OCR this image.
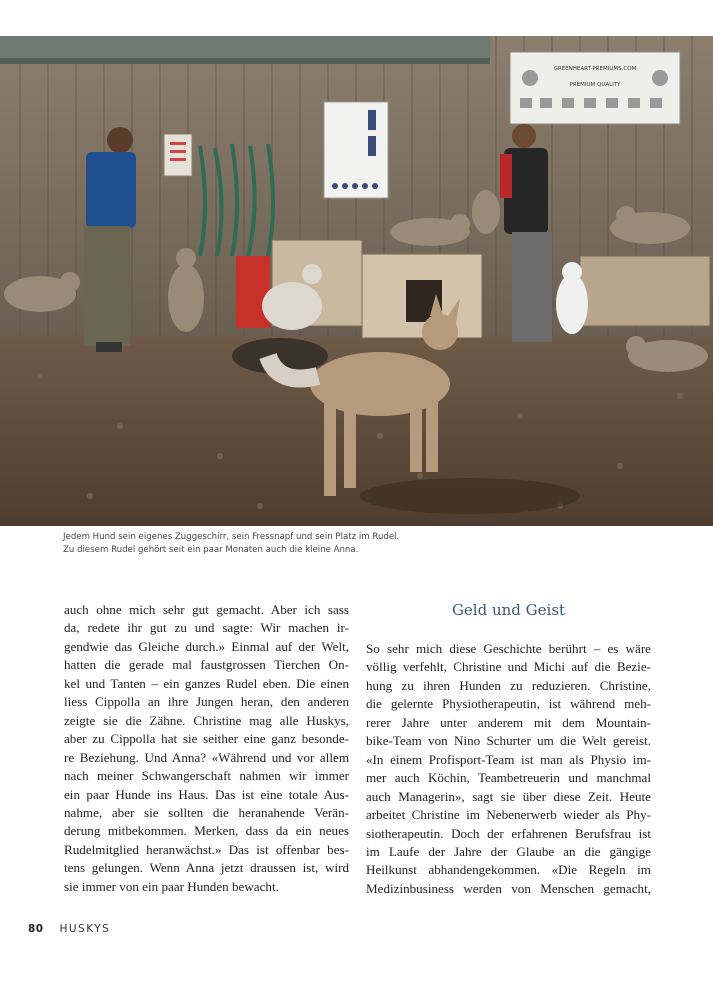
GREENHEART-PREMIUMS.COM
PREMIUM QUALITY
Jedem Hund sein eigenes Zuggeschirr, sein Fressnapf und sein Platz im Rudel.
Zu diesem Rudel gehört seit ein paar Monaten auch die kleine Anna.
auch ohne mich sehr gut gemacht. Aber ich sass
da, redete ihr gut zu und sagte: Wir machen ir-
gendwie das Gleiche durch.» Einmal auf der Welt,
hatten die gerade mal faustgrossen Tierchen On-
kel und Tanten – ein ganzes Rudel eben. Die einen
liess Cippolla an ihre Jungen heran, den anderen
zeigte sie die Zähne. Christine mag alle Huskys,
aber zu Cippolla hat sie seither eine ganz besonde-
re Beziehung. Und Anna? «Während und vor allem
nach meiner Schwangerschaft nahmen wir immer
ein paar Hunde ins Haus. Das ist eine totale Aus-
nahme, aber sie sollten die heranahende Verän-
derung mitbekommen. Merken, dass da ein neues
Rudelmitglied heranwächst.» Das ist offenbar bes-
tens gelungen. Wenn Anna jetzt draussen ist, wird
sie immer von ein paar Hunden bewacht.
Geld und Geist
So sehr mich diese Geschichte berührt – es wäre
völlig verfehlt, Christine und Michi auf die Bezie-
hung zu ihren Hunden zu reduzieren. Christine,
die gelernte Physiotherapeutin, ist während meh-
rerer Jahre unter anderem mit dem Mountain-
bike-Team von Nino Schurter um die Welt gereist.
«In einem Profisport-Team ist man als Physio im-
mer auch Köchin, Teambetreuerin und manchmal
auch Managerin», sagt sie über diese Zeit. Heute
arbeitet Christine im Nebenerwerb wieder als Phy-
siotherapeutin. Doch der erfahrenen Berufsfrau ist
im Laufe der Jahre der Glaube an die gängige
Heilkunst abhandengekommen. «Die Regeln im
Medizinbusiness werden von Menschen gemacht,
80 HUSKYS
